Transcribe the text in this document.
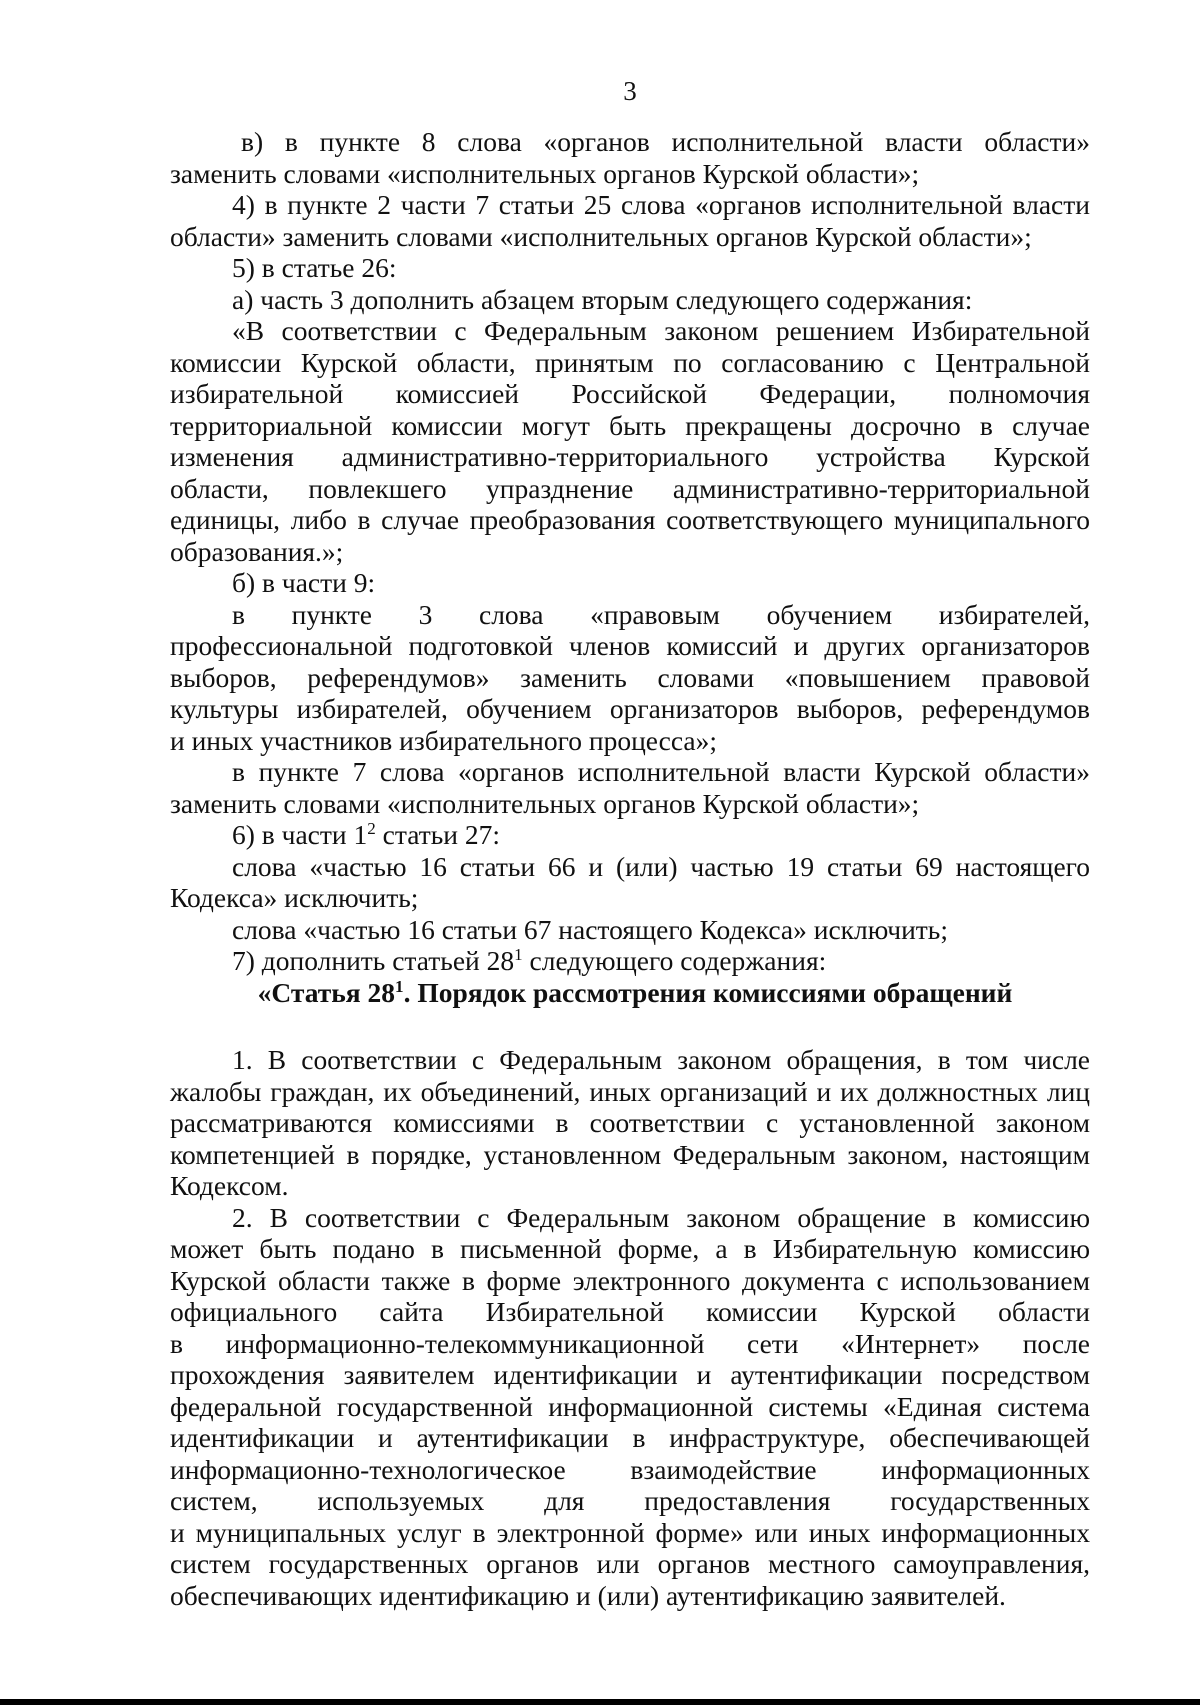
3

в) в пункте 8 слова «органов исполнительной власти области»

заменить словами «исполнительных органов Курской области»;

4) в пункте 2 части 7 статьи 25 слова «органов исполнительной власти

области» заменить словами «исполнительных органов Курской области»;

5) в статье 26:

а) часть 3 дополнить абзацем вторым следующего содержания:

«В соответствии с Федеральным законом решением Избирательной

комиссии Курской области, принятым по согласованию с Центральной

избирательной комиссией Российской Федерации, полномочия

территориальной комиссии могут быть прекращены досрочно в случае

изменения административно-территориального устройства Курской

области, повлекшего упразднение административно-территориальной

единицы, либо в случае преобразования соответствующего муниципального

образования.»;

б) в части 9:

в пункте 3 слова «правовым обучением избирателей,

профессиональной подготовкой членов комиссий и других организаторов

выборов, референдумов» заменить словами «повышением правовой

культуры избирателей, обучением организаторов выборов, референдумов

и иных участников избирательного процесса»;

в пункте 7 слова «органов исполнительной власти Курской области»

заменить словами «исполнительных органов Курской области»;

6) в части $1^2$ статьи 27:

слова «частью 16 статьи 66 и (или) частью 19 статьи 69 настоящего

Кодекса» исключить;

слова «частью 16 статьи 67 настоящего Кодекса» исключить;

7) дополнить статьей $28^1$ следующего содержания:

«Статья $28^1$. Порядок рассмотрения комиссиями обращений

1. В соответствии с Федеральным законом обращения, в том числе

жалобы граждан, их объединений, иных организаций и их должностных лиц

рассматриваются комиссиями в соответствии с установленной законом

компетенцией в порядке, установленном Федеральным законом, настоящим

Кодексом.

2. В соответствии с Федеральным законом обращение в комиссию

может быть подано в письменной форме, а в Избирательную комиссию

Курской области также в форме электронного документа с использованием

официального сайта Избирательной комиссии Курской области

в информационно-телекоммуникационной сети «Интернет» после

прохождения заявителем идентификации и аутентификации посредством

федеральной государственной информационной системы «Единая система

идентификации и аутентификации в инфраструктуре, обеспечивающей

информационно-технологическое взаимодействие информационных

систем, используемых для предоставления государственных

и муниципальных услуг в электронной форме» или иных информационных

систем государственных органов или органов местного самоуправления,

обеспечивающих идентификацию и (или) аутентификацию заявителей.
